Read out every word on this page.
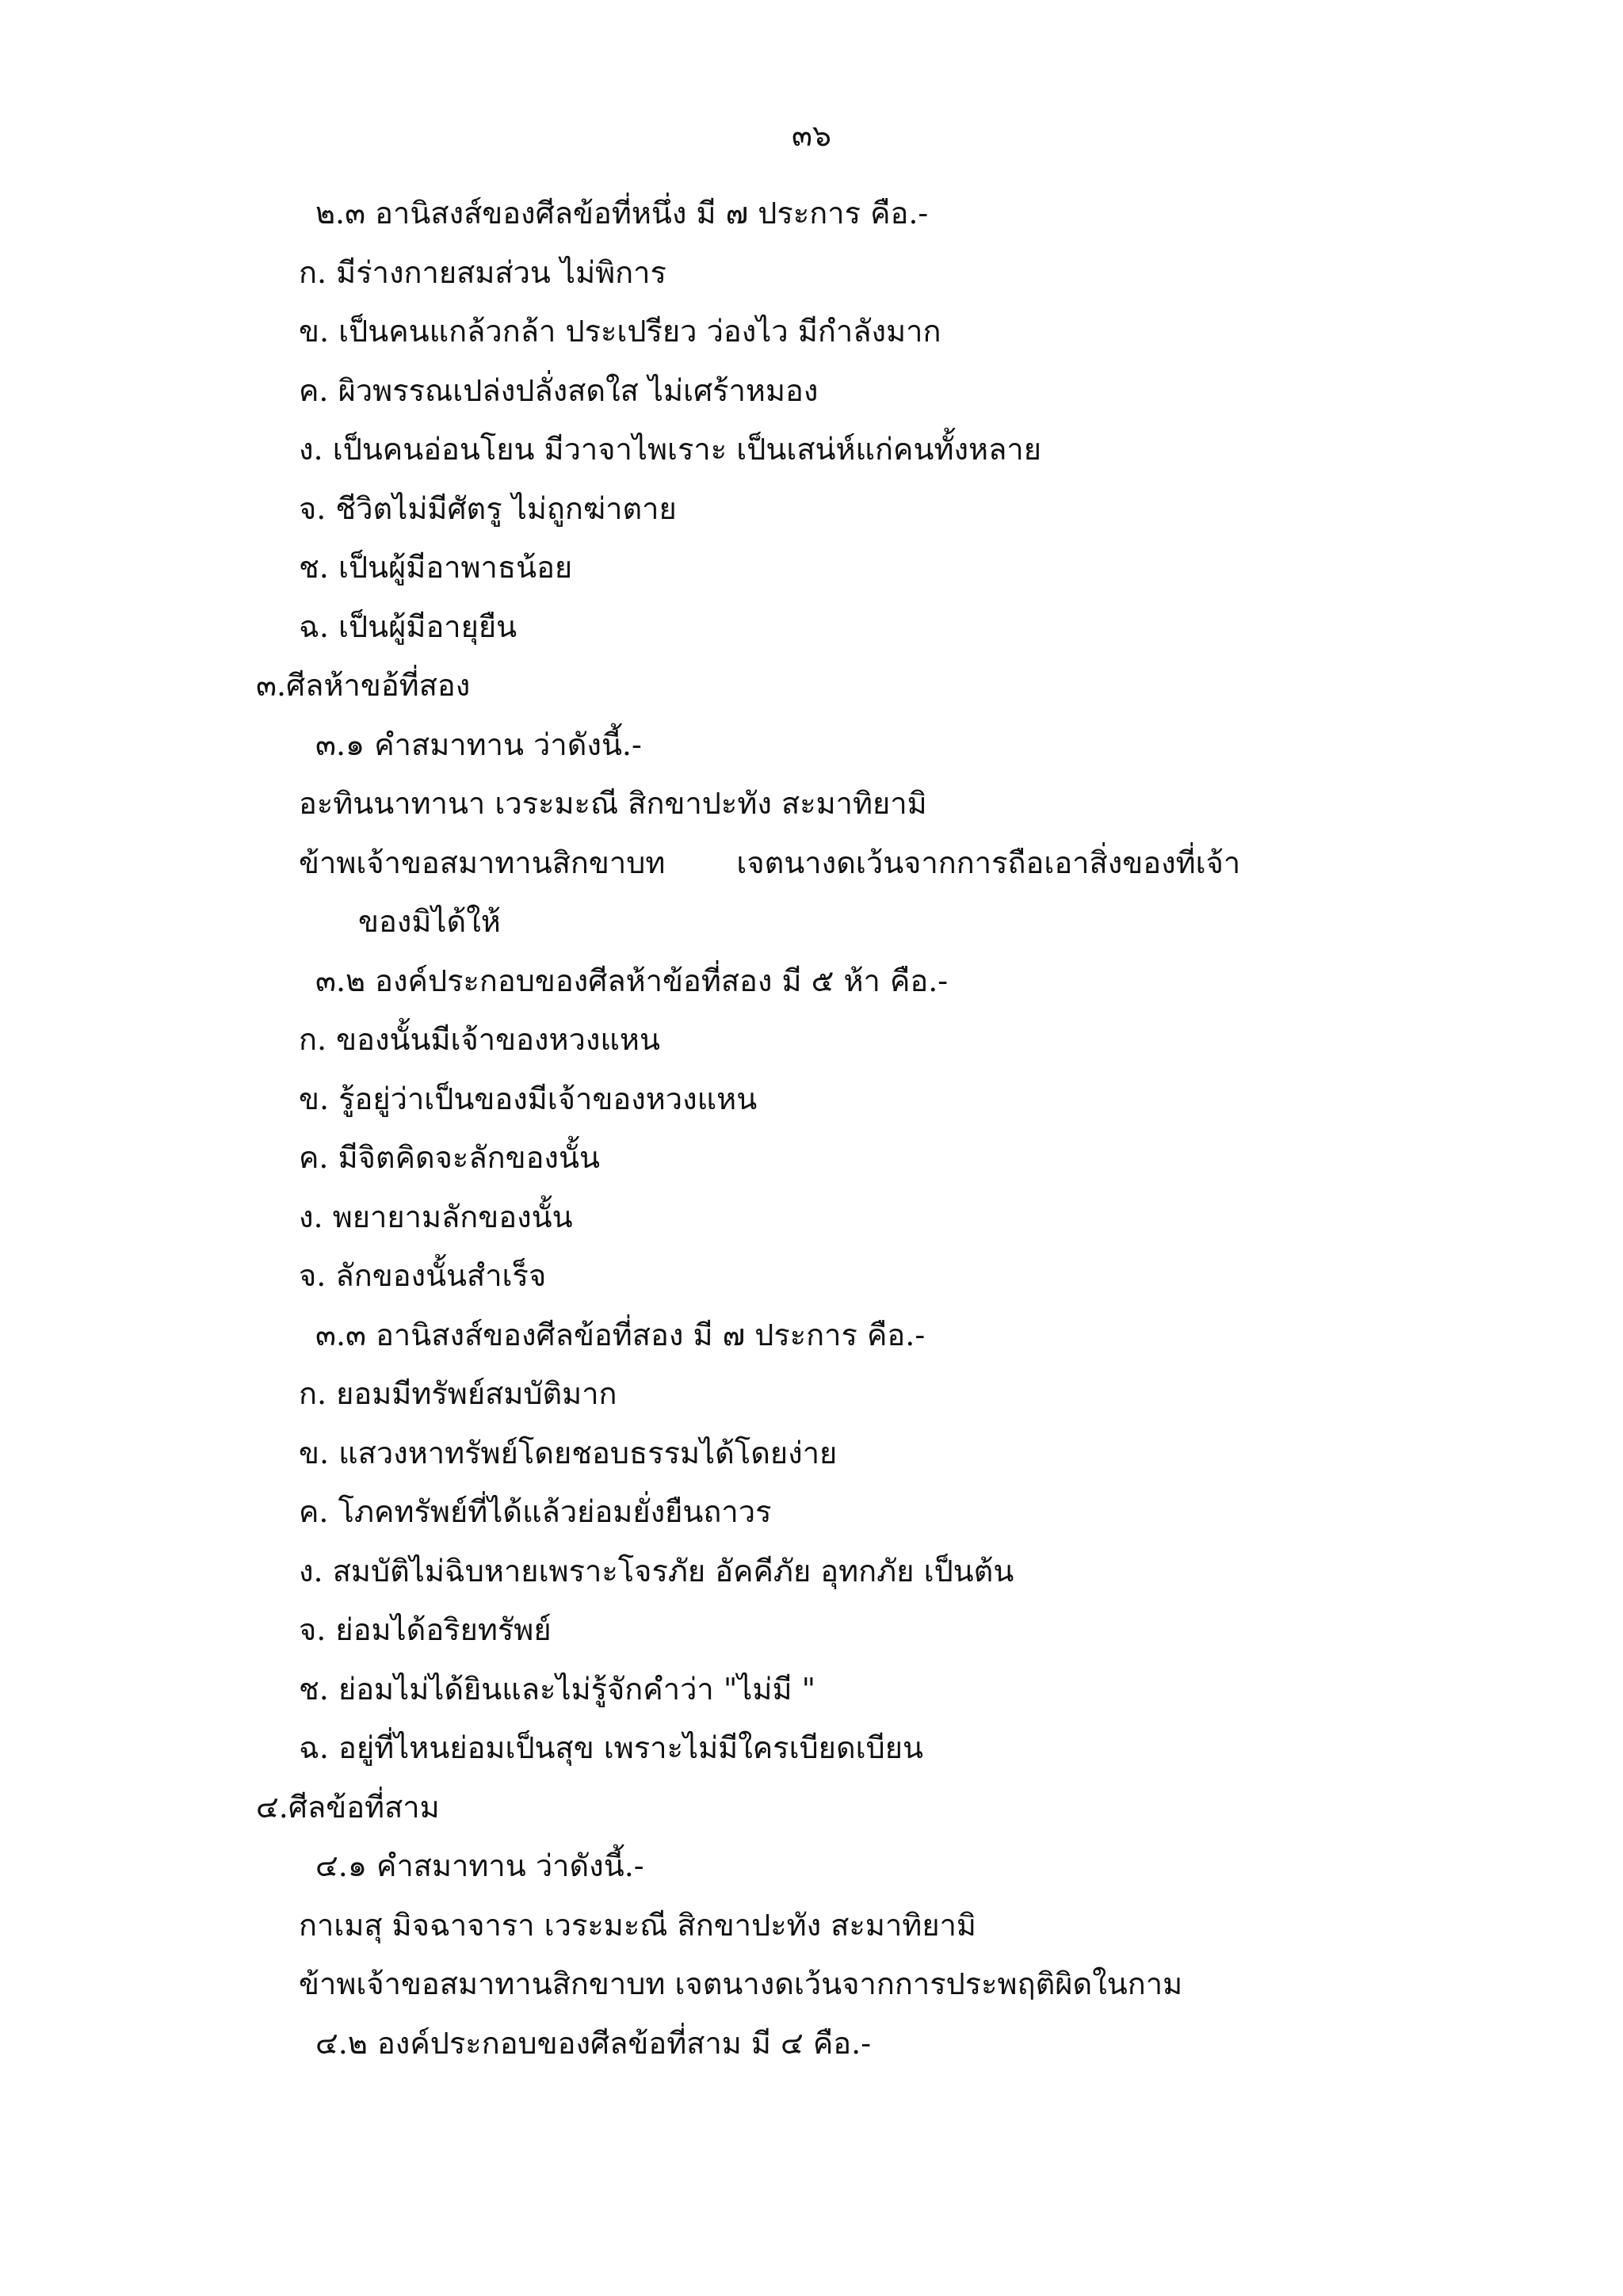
๓๖
๒.๓ อานิสงส์ของศีลข้อที่หนึ่ง มี ๗ ประการ คือ.-
ก. มีร่างกายสมส่วน ไม่พิการ
ข. เป็นคนแกล้วกล้า ประเปรียว ว่องไว มีกำลังมาก
ค. ผิวพรรณเปล่งปลั่งสดใส ไม่เศร้าหมอง
ง. เป็นคนอ่อนโยน มีวาจาไพเราะ เป็นเสน่ห์แก่คนทั้งหลาย
จ. ชีวิตไม่มีศัตรู ไม่ถูกฆ่าตาย
ช. เป็นผู้มีอาพาธน้อย
ฉ. เป็นผู้มีอายุยืน
๓.ศีลห้าขอ้ที่สอง
๓.๑ คำสมาทาน ว่าดังนี้.-
อะทินนาทานา เวระมะณี สิกขาปะทัง สะมาทิยามิ
ข้าพเจ้าขอสมาทานสิกขาบท เจตนางดเว้นจากการถือเอาสิ่งของที่เจ้า
ของมิได้ให้
๓.๒ องค์ประกอบของศีลห้าข้อที่สอง มี ๕ ห้า คือ.-
ก. ของนั้นมีเจ้าของหวงแหน
ข. รู้อยู่ว่าเป็นของมีเจ้าของหวงแหน
ค. มีจิตคิดจะลักของนั้น
ง. พยายามลักของนั้น
จ. ลักของนั้นสำเร็จ
๓.๓ อานิสงส์ของศีลข้อที่สอง มี ๗ ประการ คือ.-
ก. ยอมมีทรัพย์สมบัติมาก
ข. แสวงหาทรัพย์โดยชอบธรรมได้โดยง่าย
ค. โภคทรัพย์ที่ได้แล้วย่อมยั่งยืนถาวร
ง. สมบัติไม่ฉิบหายเพราะโจรภัย อัคคีภัย อุทกภัย เป็นต้น
จ. ย่อมได้อริยทรัพย์
ช. ย่อมไม่ได้ยินและไม่รู้จักคำว่า "ไม่มี "
ฉ. อยู่ที่ไหนย่อมเป็นสุข เพราะไม่มีใครเบียดเบียน
๔.ศีลข้อที่สาม
๔.๑ คำสมาทาน ว่าดังนี้.-
กาเมสุ มิจฉาจารา เวระมะณี สิกขาปะทัง สะมาทิยามิ
ข้าพเจ้าขอสมาทานสิกขาบท เจตนางดเว้นจากการประพฤติผิดในกาม
๔.๒ องค์ประกอบของศีลข้อที่สาม มี ๔ คือ.-
